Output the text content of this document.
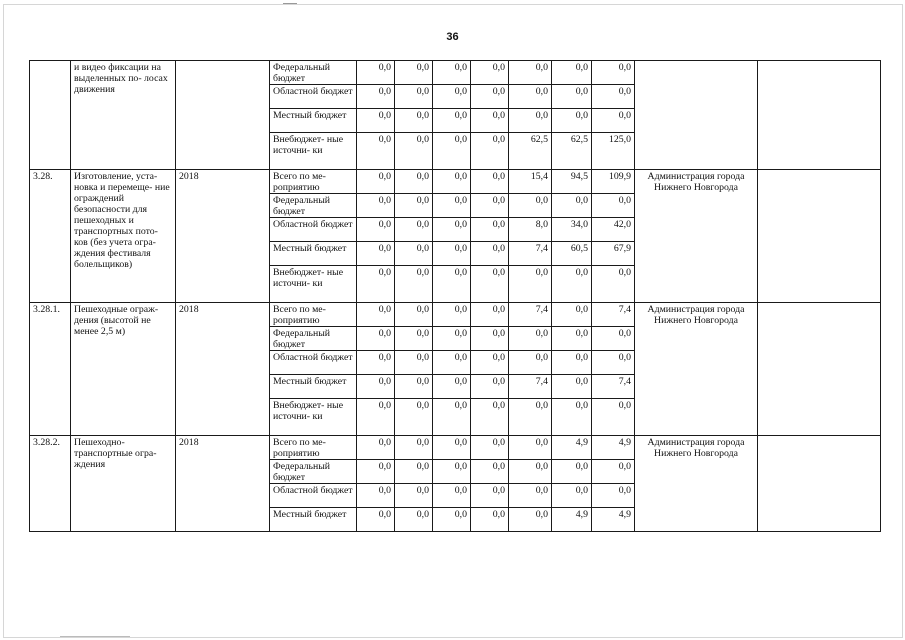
36
	и видео фиксации на выделенных по- лосах движения		Федеральный бюджет	0,0	0,0	0,0	0,0	0,0	0,0	0,0		
			Областной бюджет	0,0	0,0	0,0	0,0	0,0	0,0	0,0		
			Местный бюджет	0,0	0,0	0,0	0,0	0,0	0,0	0,0		
			Внебюджет- ные источни- ки	0,0	0,0	0,0	0,0	62,5	62,5	125,0		
3.28.	Изготовление, уста- новка и перемеще- ние ограждений безопасности для пешеходных и транспортных пото- ков (без учета огра- ждения фестиваля болельщиков)	2018	Всего по ме- роприятию	0,0	0,0	0,0	0,0	15,4	94,5	109,9	Администрация города Нижнего Новгорода	
			Федеральный бюджет	0,0	0,0	0,0	0,0	0,0	0,0	0,0		
			Областной бюджет	0,0	0,0	0,0	0,0	8,0	34,0	42,0		
			Местный бюджет	0,0	0,0	0,0	0,0	7,4	60,5	67,9		
			Внебюджет- ные источни- ки	0,0	0,0	0,0	0,0	0,0	0,0	0,0		
3.28.1.	Пешеходные ограж- дения (высотой не менее 2,5 м)	2018	Всего по ме- роприятию	0,0	0,0	0,0	0,0	7,4	0,0	7,4	Администрация города Нижнего Новгорода	
			Федеральный бюджет	0,0	0,0	0,0	0,0	0,0	0,0	0,0		
			Областной бюджет	0,0	0,0	0,0	0,0	0,0	0,0	0,0		
			Местный бюджет	0,0	0,0	0,0	0,0	7,4	0,0	7,4		
			Внебюджет- ные источни- ки	0,0	0,0	0,0	0,0	0,0	0,0	0,0		
3.28.2.	Пешеходно- транспортные огра- ждения	2018	Всего по ме- роприятию	0,0	0,0	0,0	0,0	0,0	4,9	4,9	Администрация города Нижнего Новгорода	
			Федеральный бюджет	0,0	0,0	0,0	0,0	0,0	0,0	0,0		
			Областной бюджет	0,0	0,0	0,0	0,0	0,0	0,0	0,0		
			Местный бюджет	0,0	0,0	0,0	0,0	0,0	4,9	4,9		
